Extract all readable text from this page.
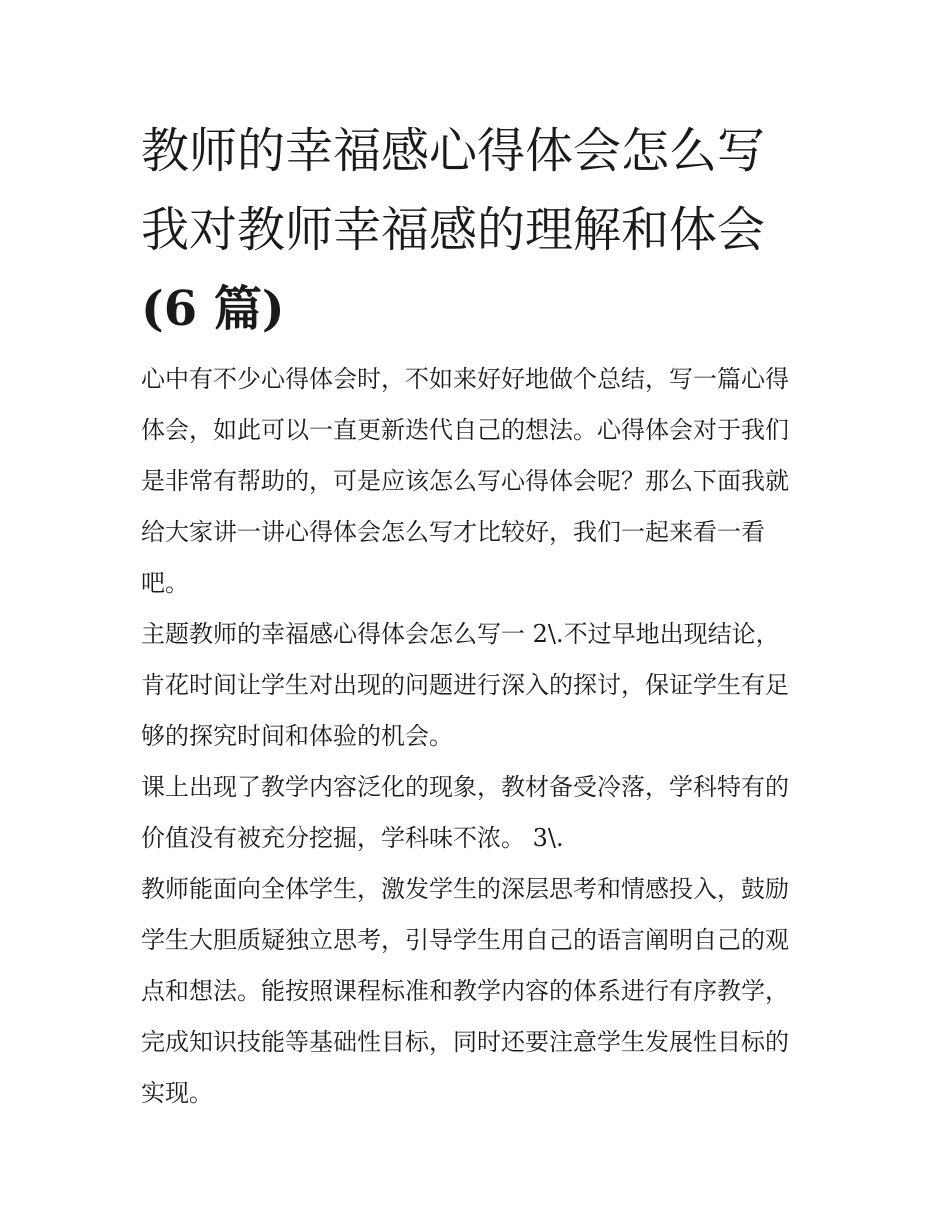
教师的幸福感心得体会怎么写
我对教师幸福感的理解和体会
(6 篇)

心中有不少心得体会时，不如来好好地做个总结，写一篇心得
体会，如此可以一直更新迭代自己的想法。心得体会对于我们
是非常有帮助的，可是应该怎么写心得体会呢？那么下面我就
给大家讲一讲心得体会怎么写才比较好，我们一起来看一看
吧。

主题教师的幸福感心得体会怎么写一 2\.不过早地出现结论，
肯花时间让学生对出现的问题进行深入的探讨，保证学生有足
够的探究时间和体验的机会。

课上出现了教学内容泛化的现象，教材备受冷落，学科特有的
价值没有被充分挖掘，学科味不浓。 3\.

教师能面向全体学生，激发学生的深层思考和情感投入，鼓励
学生大胆质疑独立思考，引导学生用自己的语言阐明自己的观
点和想法。能按照课程标准和教学内容的体系进行有序教学，
完成知识技能等基础性目标，同时还要注意学生发展性目标的
实现。
